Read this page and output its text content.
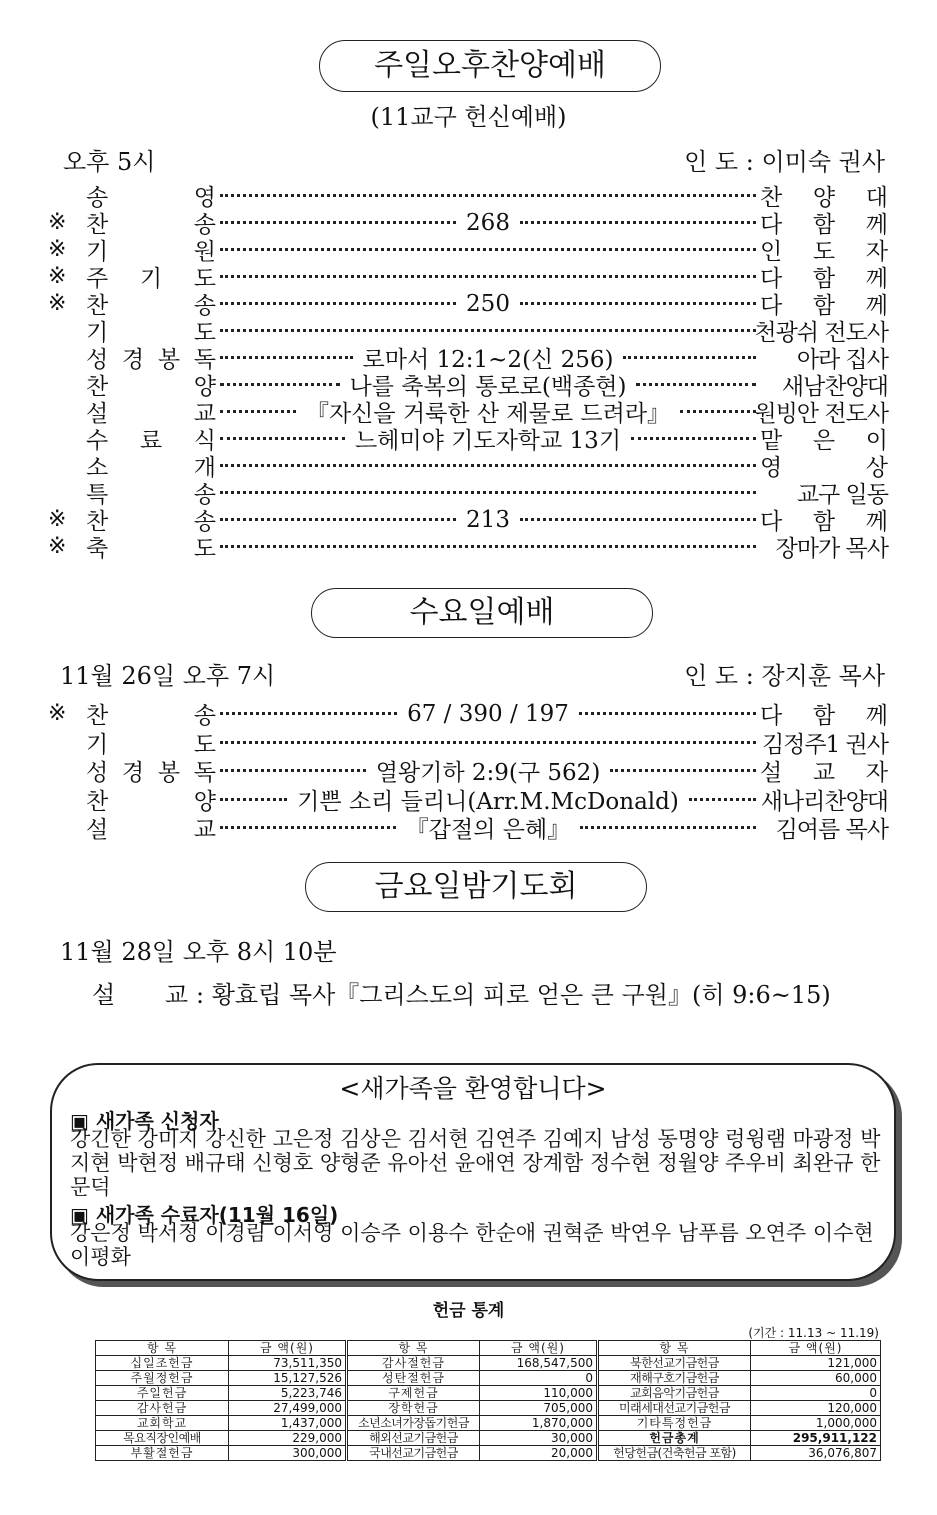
주일오후찬양예배
(11교구 헌신예배)
오후 5시	인 도 : 이미숙 권사
송	영	찬 양 대
※ 찬	송	268	다 함 께
※ 기	원	인 도 자
※ 주 기 도	다 함 께
※ 찬	송	250	다 함 께
기	도	천광쉬 전도사
성 경 봉 독	로마서 12:1~2(신 256)	아라 집사
찬	양	나를 축복의 통로로(백종현)	새남찬양대
설	교	『자신을 거룩한 산 제물로 드려라』	원빙안 전도사
수 료 식	느헤미야 기도자학교 13기	맡 은 이
소	개	영	상
특	송	교구 일동
※ 찬	송	213	다 함 께
※ 축	도	장마가 목사
수요일예배
11월 26일 오후 7시	인 도 : 장지훈 목사
※ 찬	송	67 / 390 / 197	다 함 께
기	도	김정주1 권사
성 경 봉 독	열왕기하 2:9(구 562)	설 교 자
찬	양	기쁜 소리 들리니(Arr.M.McDonald)	새나리찬양대
설	교	『갑절의 은혜』	김여름 목사
금요일밤기도회
11월 28일 오후 8시 10분
설 교 : 황효립 목사『그리스도의 피로 얻은 큰 구원』(히 9:6~15)
<새가족을 환영합니다>
▣ 새가족 신청자
강긴한 강미지 강신한 고은정 김상은 김서현 김연주 김예지 남성 동명양 렁윙램 마광정 박지현 박현정 배규태 신형호 양형준 유아선 윤애연 장계함 정수현 정월양 주우비 최완규 한문덕
▣ 새가족 수료자(11월 16일)
강은정 박서정 이경림 이서영 이승주 이용수 한순애 권혁준 박연우 남푸름 오연주 이수현 이평화
헌금 통계
(기간 : 11.13 ~ 11.19)
항 목	금 액(원)	항 목	금 액(원)	항 목	금 액(원)
십일조헌금	73,511,350	감사절헌금	168,547,500	북한선교기금헌금	121,000
주월정헌금	15,127,526	성탄절헌금	0	재해구호기금헌금	60,000
주일헌금	5,223,746	구제헌금	110,000	교회음악기금헌금	0
감사헌금	27,499,000	장학헌금	705,000	미래세대선교기금헌금	120,000
교회학교	1,437,000	소년소녀가장돕기헌금	1,870,000	기타특정헌금	1,000,000
목요직장인예배	229,000	해외선교기금헌금	30,000	헌금총계	295,911,122
부활절헌금	300,000	국내선교기금헌금	20,000	헌당헌금(건축헌금 포함)	36,076,807
